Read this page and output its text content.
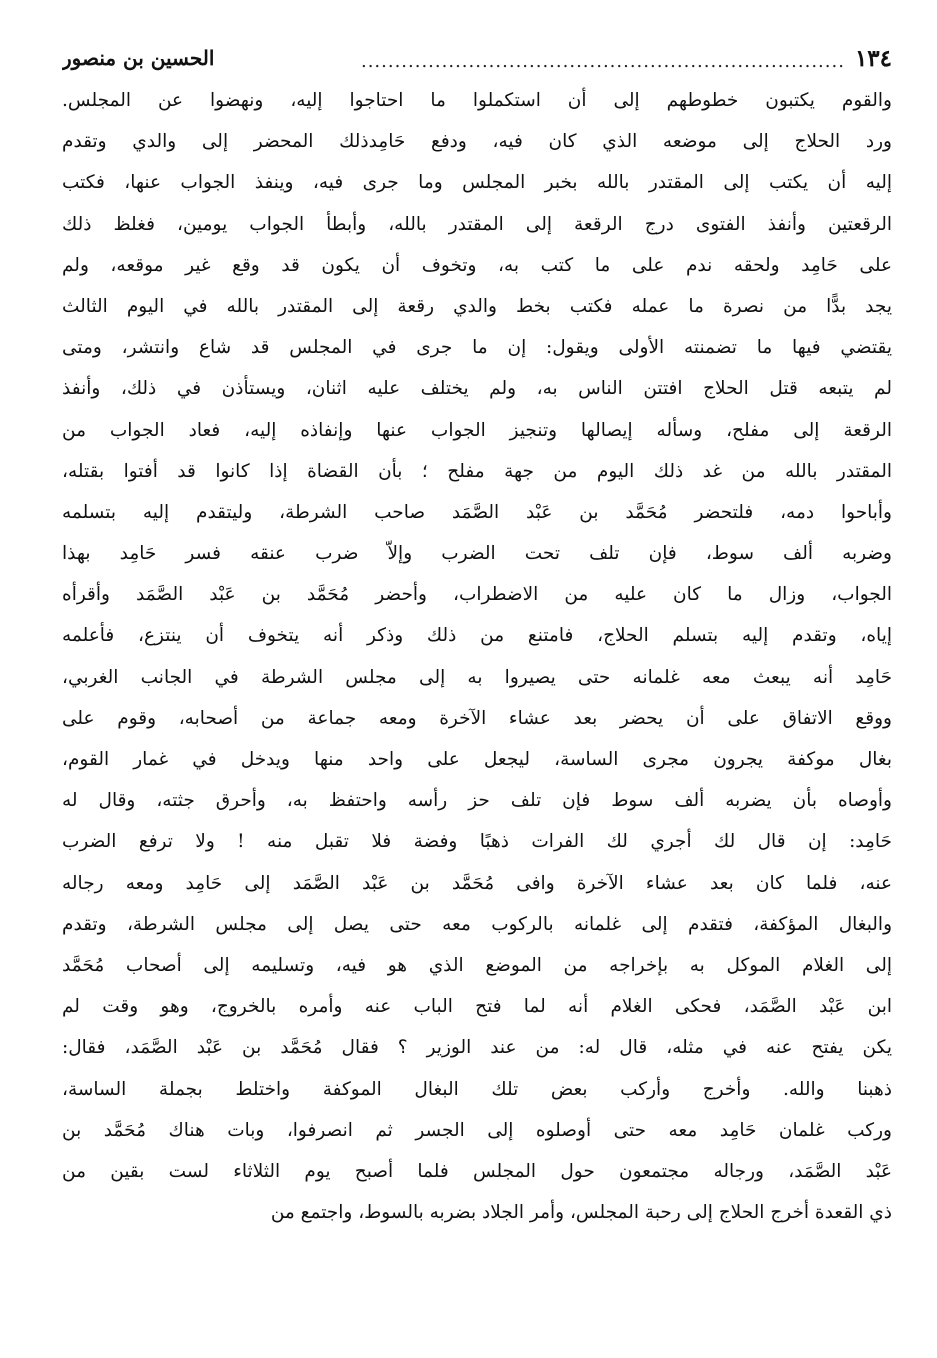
١٣٤
........................................................................
الحسين بن منصور
والقوم يكتبون خطوطهم إلى أن استكملوا ما احتاجوا إليه، ونهضوا عن المجلس.
ورد الحلاج إلى موضعه الذي كان فيه، ودفع حَامِدذلك المحضر إلى والدي وتقدم
إليه أن يكتب إلى المقتدر بالله بخبر المجلس وما جرى فيه، وينفذ الجواب عنها، فكتب
الرقعتين وأنفذ الفتوى درج الرقعة إلى المقتدر بالله، وأبطأ الجواب يومين، فغلظ ذلك
على حَامِد ولحقه ندم على ما كتب به، وتخوف أن يكون قد وقع غير موقعه، ولم
يجد بدًّا من نصرة ما عمله فكتب بخط والدي رقعة إلى المقتدر بالله في اليوم الثالث
يقتضي فيها ما تضمنته الأولى ويقول: إن ما جرى في المجلس قد شاع وانتشر، ومتى
لم يتبعه قتل الحلاج افتتن الناس به، ولم يختلف عليه اثنان، ويستأذن في ذلك، وأنفذ
الرقعة إلى مفلح، وسأله إيصالها وتنجيز الجواب عنها وإنفاذه إليه، فعاد الجواب من
المقتدر بالله من غد ذلك اليوم من جهة مفلح ؛ بأن القضاة إذا كانوا قد أفتوا بقتله،
وأباحوا دمه، فلتحضر مُحَمَّد بن عَبْد الصَّمَد صاحب الشرطة، وليتقدم إليه بتسلمه
وضربه ألف سوط، فإن تلف تحت الضرب وإلاّ ضرب عنقه فسر حَامِد بهذا
الجواب، وزال ما كان عليه من الاضطراب، وأحضر مُحَمَّد بن عَبْد الصَّمَد وأقرأه
إياه، وتقدم إليه بتسلم الحلاج، فامتنع من ذلك وذكر أنه يتخوف أن ينتزع، فأعلمه
حَامِد أنه يبعث معه غلمانه حتى يصيروا به إلى مجلس الشرطة في الجانب الغربي،
ووقع الاتفاق على أن يحضر بعد عشاء الآخرة ومعه جماعة من أصحابه، وقوم على
بغال موكفة يجرون مجرى الساسة، ليجعل على واحد منها ويدخل في غمار القوم،
وأوصاه بأن يضربه ألف سوط فإن تلف حز رأسه واحتفظ به، وأحرق جثته، وقال له
حَامِد: إن قال لك أجري لك الفرات ذهبًا وفضة فلا تقبل منه ! ولا ترفع الضرب
عنه، فلما كان بعد عشاء الآخرة وافى مُحَمَّد بن عَبْد الصَّمَد إلى حَامِد ومعه رجاله
والبغال المؤكفة، فتقدم إلى غلمانه بالركوب معه حتى يصل إلى مجلس الشرطة، وتقدم
إلى الغلام الموكل به بإخراجه من الموضع الذي هو فيه، وتسليمه إلى أصحاب مُحَمَّد
ابن عَبْد الصَّمَد، فحكى الغلام أنه لما فتح الباب عنه وأمره بالخروج، وهو وقت لم
يكن يفتح عنه في مثله، قال له: من عند الوزير ؟ فقال مُحَمَّد بن عَبْد الصَّمَد، فقال:
ذهبنا والله. وأخرج وأركب بعض تلك البغال الموكفة واختلط بجملة الساسة،
وركب غلمان حَامِد معه حتى أوصلوه إلى الجسر ثم انصرفوا، وبات هناك مُحَمَّد بن
عَبْد الصَّمَد، ورجاله مجتمعون حول المجلس فلما أصبح يوم الثلاثاء لست بقين من
ذي القعدة أخرج الحلاج إلى رحبة المجلس، وأمر الجلاد بضربه بالسوط، واجتمع من
